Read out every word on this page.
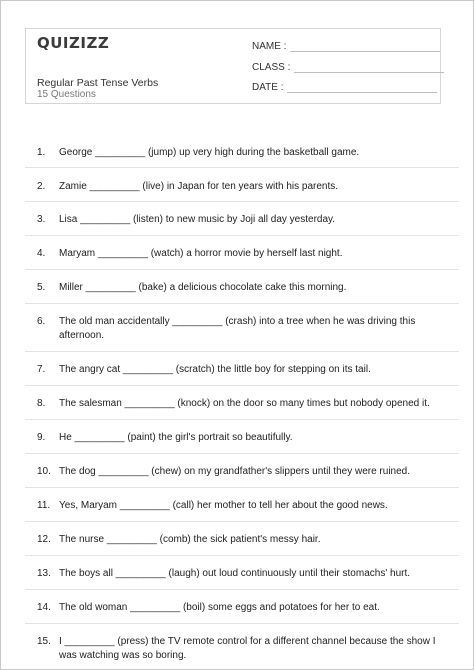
QUIZIZZ
Regular Past Tense Verbs
15 Questions
NAME :
CLASS :
DATE :
1.	George _________ (jump) up very high during the basketball game.
2.	Zamie _________ (live) in Japan for ten years with his parents.
3.	Lisa _________ (listen) to new music by Joji all day yesterday.
4.	Maryam _________ (watch) a horror movie by herself last night.
5.	Miller _________ (bake) a delicious chocolate cake this morning.
6.	The old man accidentally _________ (crash) into a tree when he was driving this afternoon.
7.	The angry cat _________ (scratch) the little boy for stepping on its tail.
8.	The salesman _________ (knock) on the door so many times but nobody opened it.
9.	He _________ (paint) the girl's portrait so beautifully.
10. The dog _________ (chew) on my grandfather's slippers until they were ruined.
11. Yes, Maryam _________ (call) her mother to tell her about the good news.
12. The nurse _________ (comb) the sick patient's messy hair.
13. The boys all _________ (laugh) out loud continuously until their stomachs' hurt.
14. The old woman _________ (boil) some eggs and potatoes for her to eat.
15. I _________ (press) the TV remote control for a different channel because the show I was watching was so boring.
